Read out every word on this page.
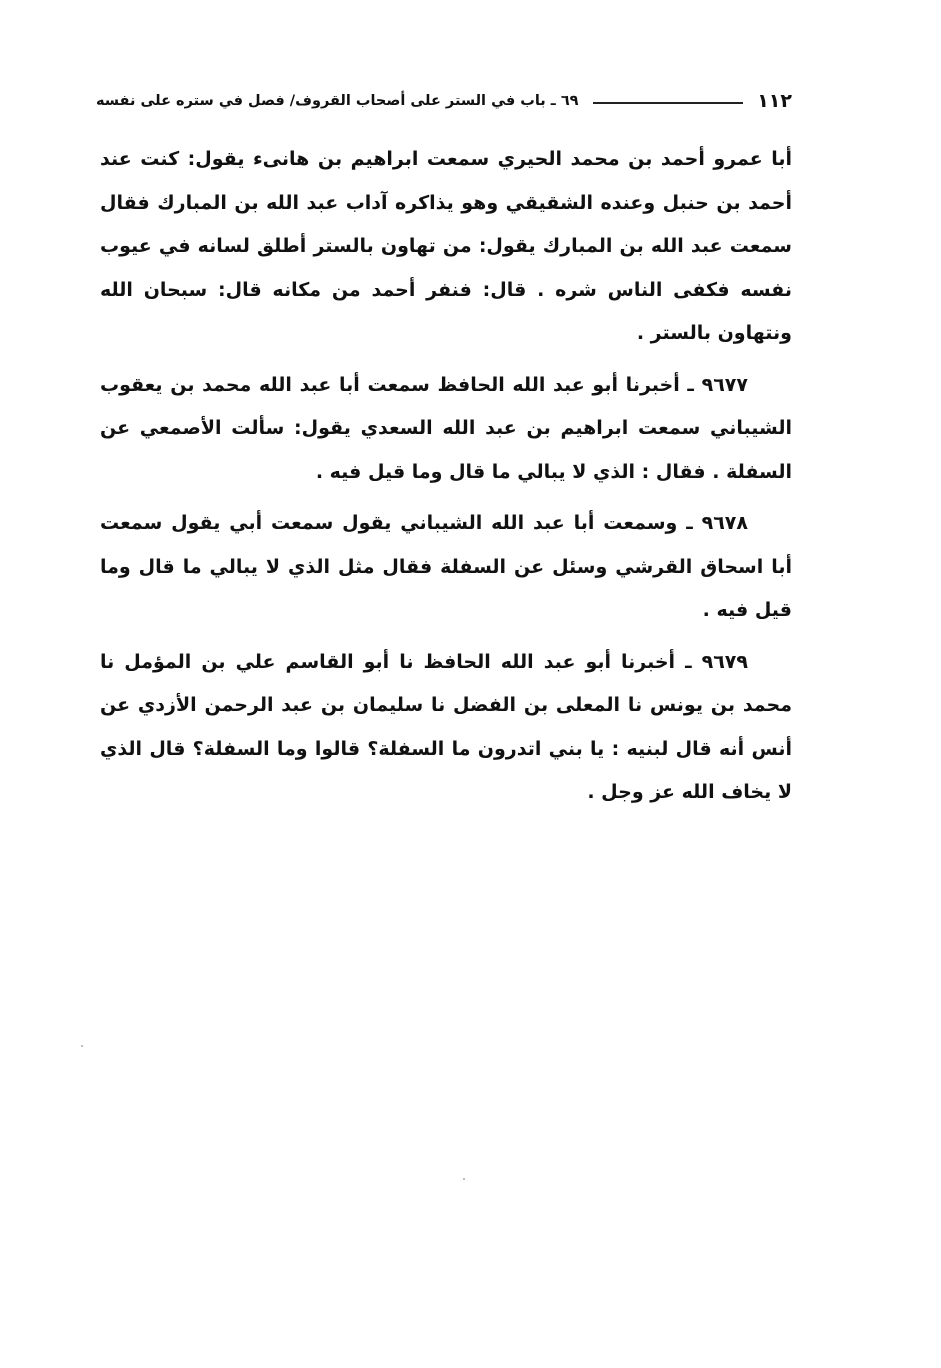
١١٢
٦٩ ـ باب في الستر على أصحاب القروف/ فصل في ستره على نفسه

أبا عمرو أحمد بن محمد الحيري سمعت ابراهيم بن هانىء يقول: كنت عند أحمد بن حنبل وعنده الشقيقي وهو يذاكره آداب عبد الله بن المبارك فقال سمعت عبد الله بن المبارك يقول: من تهاون بالستر أطلق لسانه في عيوب نفسه فكفى الناس شره . قال: فنفر أحمد من مكانه قال: سبحان الله ونتهاون بالستر .

٩٦٧٧ ـ أخبرنا أبو عبد الله الحافظ سمعت أبا عبد الله محمد بن يعقوب الشيباني سمعت ابراهيم بن عبد الله السعدي يقول: سألت الأصمعي عن السفلة . فقال : الذي لا يبالي ما قال وما قيل فيه .

٩٦٧٨ ـ وسمعت أبا عبد الله الشيباني يقول سمعت أبي يقول سمعت أبا اسحاق القرشي وسئل عن السفلة فقال مثل الذي لا يبالي ما قال وما قيل فيه .

٩٦٧٩ ـ أخبرنا أبو عبد الله الحافظ نا أبو القاسم علي بن المؤمل نا محمد بن يونس نا المعلى بن الفضل نا سليمان بن عبد الرحمن الأزدي عن أنس أنه قال لبنيه : يا بني اتدرون ما السفلة؟ قالوا وما السفلة؟ قال الذي لا يخاف الله عز وجل .
